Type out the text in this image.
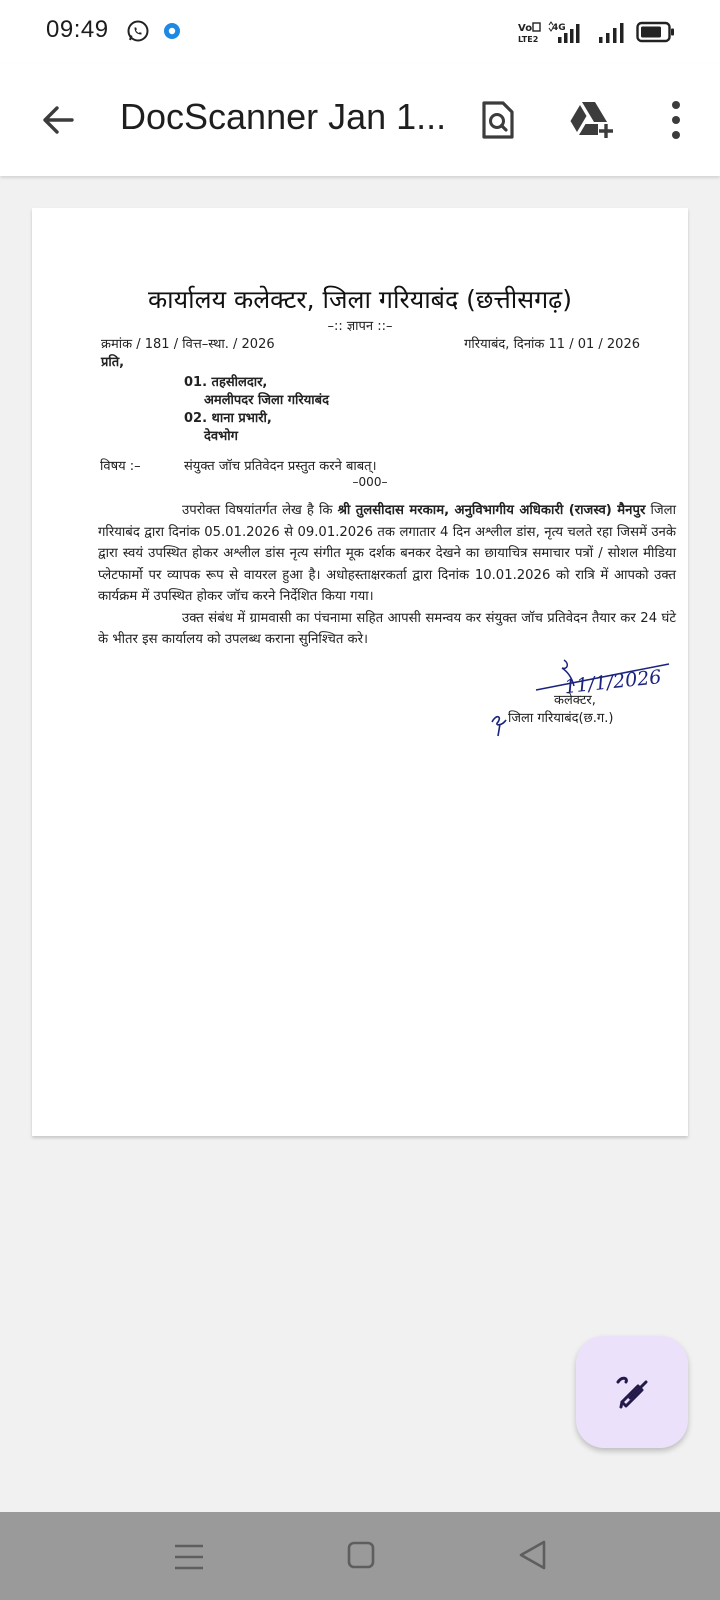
09:49	Vo
LTE2
4G
DocScanner Jan 1...
कार्यालय कलेक्टर, जिला गरियाबंद (छत्तीसगढ़)
–:: ज्ञापन ::–
क्रमांक / 181 / वित्त–स्था. / 2026	गरियाबंद, दिनांक 11 / 01 / 2026
प्रति,
01. तहसीलदार,
अमलीपदर जिला गरियाबंद
02. थाना प्रभारी,
देवभोग
विषय :–	संयुक्त जॉच प्रतिवेदन प्रस्तुत करने बाबत्।
–000–

उपरोक्त विषयांतर्गत लेख है कि श्री तुलसीदास मरकाम, अनुविभागीय अधिकारी (राजस्व) मैनपुर जिला गरियाबंद द्वारा दिनांक 05.01.2026 से 09.01.2026 तक लगातार 4 दिन अश्लील डांस, नृत्य चलते रहा जिसमें उनके द्वारा स्वयं उपस्थित होकर अश्लील डांस नृत्य संगीत मूक दर्शक बनकर देखने का छायाचित्र समाचार पत्रों / सोशल मीडिया प्लेटफार्मो पर व्यापक रूप से वायरल हुआ है। अधोहस्ताक्षरकर्ता द्वारा दिनांक 10.01.2026 को रात्रि में आपको उक्त कार्यक्रम में उपस्थित होकर जॉच करने निर्देशित किया गया।

उक्त संबंध में ग्रामवासी का पंचनामा सहित आपसी समन्वय कर संयुक्त जॉच प्रतिवेदन तैयार कर 24 घंटे के भीतर इस कार्यालय को उपलब्ध कराना सुनिश्चित करे।

11/1/2026
कलेक्टर,
जिला गरियाबंद(छ.ग.)
